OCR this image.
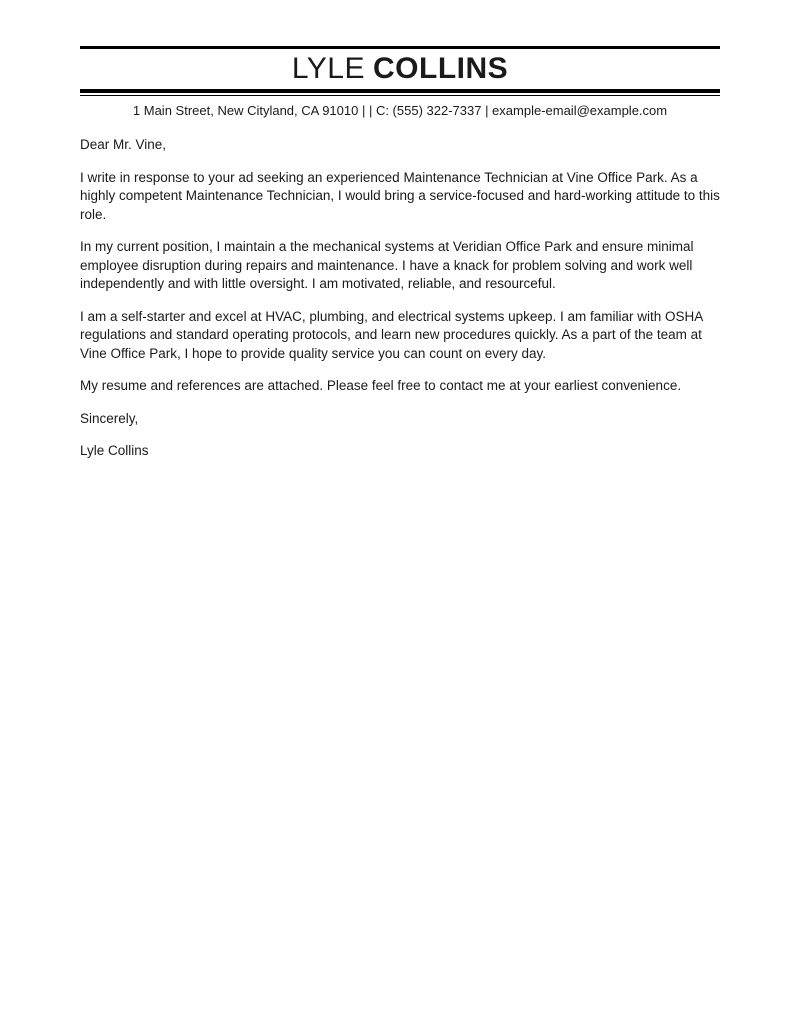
LYLE COLLINS
1 Main Street, New Cityland, CA 91010 | | C: (555) 322-7337 | example-email@example.com

Dear Mr. Vine,

I write in response to your ad seeking an experienced Maintenance Technician at Vine Office Park. As a highly competent Maintenance Technician, I would bring a service-focused and hard-working attitude to this role.

In my current position, I maintain a the mechanical systems at Veridian Office Park and ensure minimal employee disruption during repairs and maintenance. I have a knack for problem solving and work well independently and with little oversight. I am motivated, reliable, and resourceful.

I am a self-starter and excel at HVAC, plumbing, and electrical systems upkeep. I am familiar with OSHA regulations and standard operating protocols, and learn new procedures quickly. As a part of the team at Vine Office Park, I hope to provide quality service you can count on every day.

My resume and references are attached. Please feel free to contact me at your earliest convenience.

Sincerely,

Lyle Collins
